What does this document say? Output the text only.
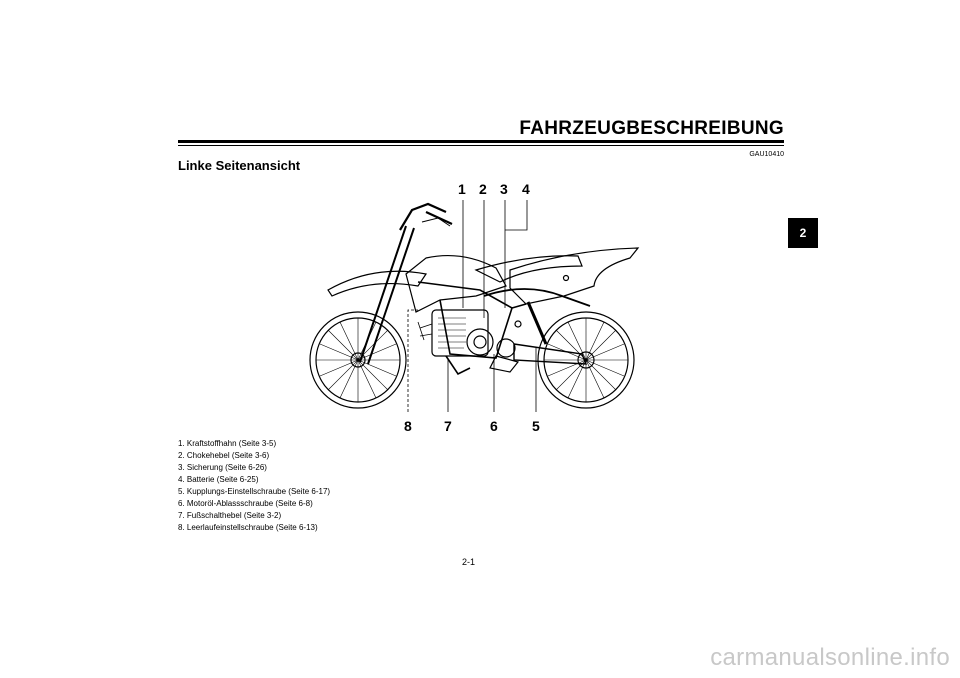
FAHRZEUGBESCHREIBUNG
GAU10410
Linke Seitenansicht
2
1 2 3 4
8 7	6 5
1. Kraftstoffhahn (Seite 3-5)
2. Chokehebel (Seite 3-6)
3. Sicherung (Seite 6-26)
4. Batterie (Seite 6-25)
5. Kupplungs-Einstellschraube (Seite 6-17)
6. Motoröl-Ablassschraube (Seite 6-8)
7. Fußschalthebel (Seite 3-2)
8. Leerlaufeinstellschraube (Seite 6-13)
2-1
carmanualsonline.info
